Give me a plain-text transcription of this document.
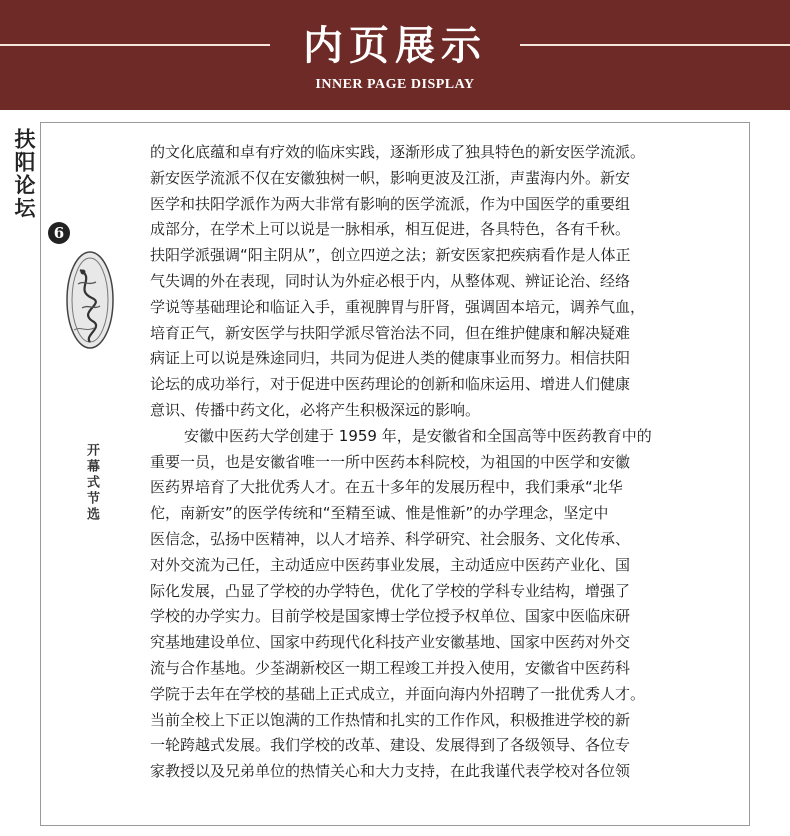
内页展示
INNER PAGE DISPLAY
扶阳论坛
6
开幕式节选
的文化底蕴和卓有疗效的临床实践，逐渐形成了独具特色的新安医学流派。
新安医学流派不仅在安徽独树一帜，影响更波及江浙，声蜚海内外。新安
医学和扶阳学派作为两大非常有影响的医学流派，作为中国医学的重要组
成部分，在学术上可以说是一脉相承，相互促进，各具特色，各有千秋。
扶阳学派强调“阳主阴从”，创立四逆之法；新安医家把疾病看作是人体正
气失调的外在表现，同时认为外症必根于内，从整体观、辨证论治、经络
学说等基础理论和临证入手，重视脾胃与肝肾，强调固本培元，调养气血，
培育正气，新安医学与扶阳学派尽管治法不同，但在维护健康和解决疑难
病证上可以说是殊途同归，共同为促进人类的健康事业而努力。相信扶阳
论坛的成功举行，对于促进中医药理论的创新和临床运用、增进人们健康
意识、传播中药文化，必将产生积极深远的影响。
安徽中医药大学创建于 1959 年，是安徽省和全国高等中医药教育中的
重要一员，也是安徽省唯一一所中医药本科院校，为祖国的中医学和安徽
医药界培育了大批优秀人才。在五十多年的发展历程中，我们秉承“北华
佗，南新安”的医学传统和“至精至诚、惟是惟新”的办学理念，坚定中
医信念，弘扬中医精神，以人才培养、科学研究、社会服务、文化传承、
对外交流为己任，主动适应中医药事业发展，主动适应中医药产业化、国
际化发展，凸显了学校的办学特色，优化了学校的学科专业结构，增强了
学校的办学实力。目前学校是国家博士学位授予权单位、国家中医临床研
究基地建设单位、国家中药现代化科技产业安徽基地、国家中医药对外交
流与合作基地。少荃湖新校区一期工程竣工并投入使用，安徽省中医药科
学院于去年在学校的基础上正式成立，并面向海内外招聘了一批优秀人才。
当前全校上下正以饱满的工作热情和扎实的工作作风，积极推进学校的新
一轮跨越式发展。我们学校的改革、建设、发展得到了各级领导、各位专
家教授以及兄弟单位的热情关心和大力支持，在此我谨代表学校对各位领
